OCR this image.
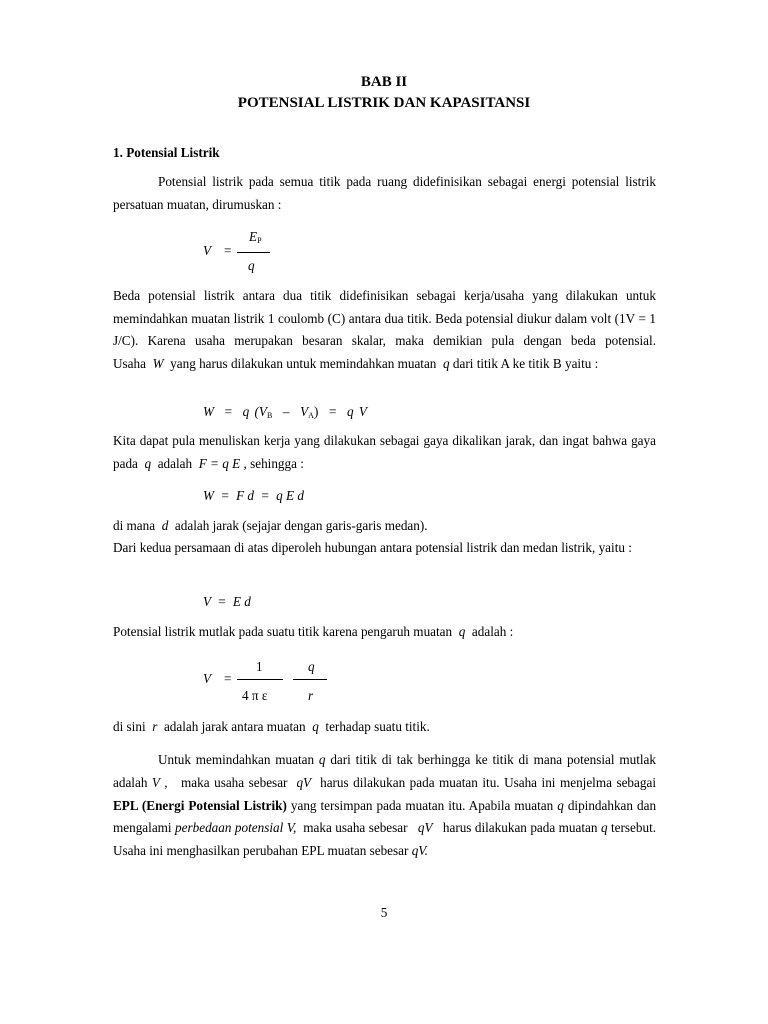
BAB II
POTENSIAL LISTRIK DAN KAPASITANSI
1. Potensial Listrik

Potensial listrik pada semua titik pada ruang didefinisikan sebagai energi potensial listrik persatuan muatan, dirumuskan :

V =
$E_P$
q

Beda potensial listrik antara dua titik didefinisikan sebagai kerja/usaha yang dilakukan untuk memindahkan muatan listrik 1 coulomb (C) antara dua titik. Beda potensial diukur dalam volt (1V = 1 J/C). Karena usaha merupakan besaran skalar, maka demikian pula dengan beda potensial. Usaha W yang harus dilakukan untuk memindahkan muatan q dari titik A ke titik B yaitu :

W = q $(V_B - V_A) = q$ V

Kita dapat pula menuliskan kerja yang dilakukan sebagai gaya dikalikan jarak, dan ingat bahwa gaya pada q adalah F = q E , sehingga :

W  =  F d  =  q E d

di mana d adalah jarak (sejajar dengan garis-garis medan).

Dari kedua persamaan di atas diperoleh hubungan antara potensial listrik dan medan listrik, yaitu :

V  =  E d

Potensial listrik mutlak pada suatu titik karena pengaruh muatan q adalah :

V =
1
4 π ε
q
r

di sini r adalah jarak antara muatan q terhadap suatu titik.

Untuk memindahkan muatan q dari titik di tak berhingga ke titik di mana potensial mutlak adalah V , maka usaha sebesar qV harus dilakukan pada muatan itu. Usaha ini menjelma sebagai EPL (Energi Potensial Listrik) yang tersimpan pada muatan itu. Apabila muatan q dipindahkan dan mengalami perbedaan potensial V, maka usaha sebesar qV harus dilakukan pada muatan q tersebut. Usaha ini menghasilkan perubahan EPL muatan sebesar qV.

5
